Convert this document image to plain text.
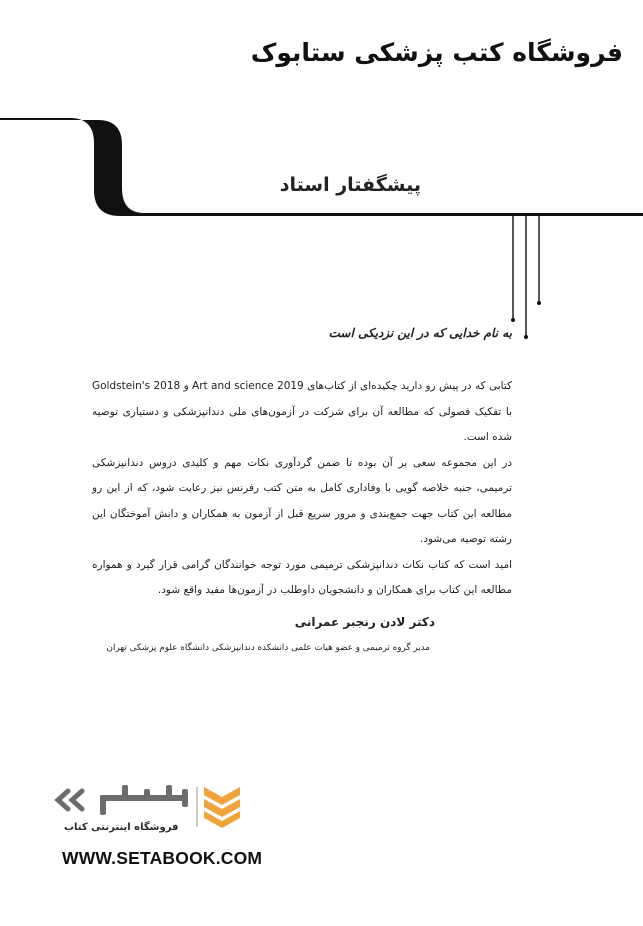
فروشگاه کتب پزشکی ستابوک
پیشگفتار استاد
به نام خدایی که در این نزدیکی است

کتابی که در پیش رو دارید چکیده‌ای از کتاب‌های Art and science 2019 و Goldstein's 2018 با تفکیک فصولی که مطالعه آن برای شرکت در آزمون‌های ملی دندانپزشکی و دستیاری توصیه شده است.

در این مجموعه سعی بر آن بوده تا ضمن گردآوری نکات مهم و کلیدی دروس دندانپزشکی ترمیمی، جنبه خلاصه گویی با وفاداری کامل به متن کتب رفرنس نیز رعایت شود، که از این رو مطالعه این کتاب جهت جمع‌بندی و مرور سریع قبل از آزمون به همکاران و دانش آموختگان این رشته توصیه می‌شود.

امید است که کتاب نکات دندانپزشکی ترمیمی مورد توجه خوانندگان گرامی قرار گیرد و همواره مطالعه این کتاب برای همکاران و دانشجویان داوطلب در آزمون‌ها مفید واقع شود.

دکتر لادن رنجبر عمرانی
مدیر گروه ترمیمی و عضو هیات علمی دانشکده دندانپزشکی دانشگاه علوم پزشکی تهران
فروشگاه اینترنتی کتاب
WWW.SETABOOK.COM
